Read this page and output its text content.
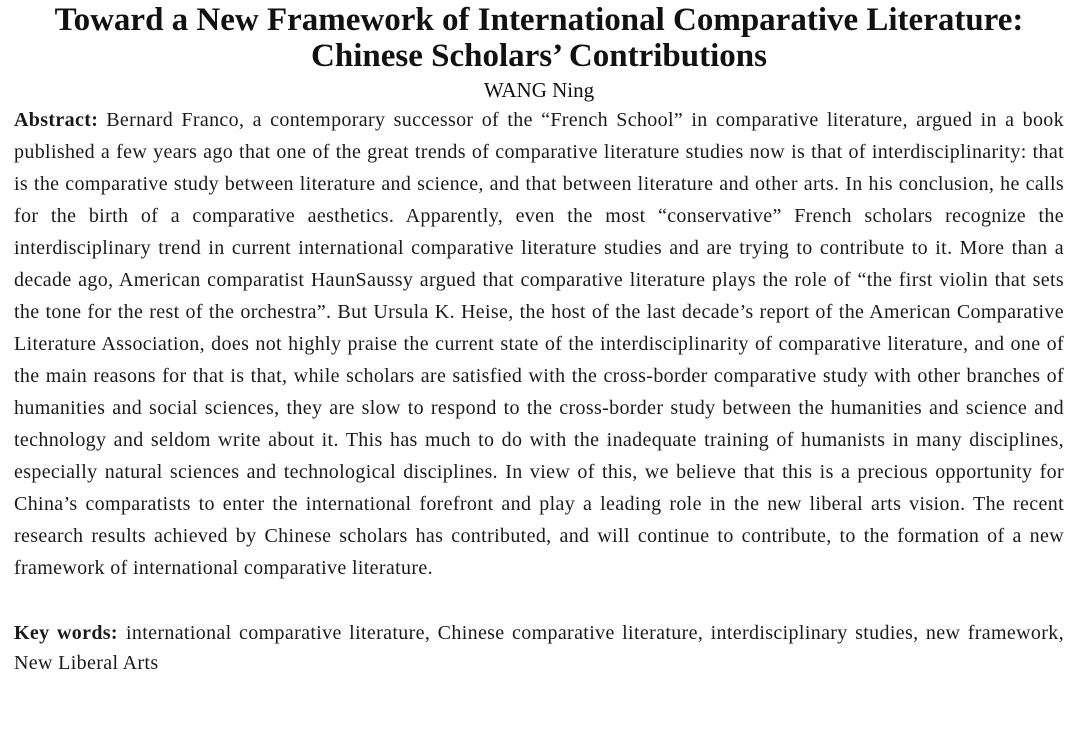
Toward a New Framework of International Comparative Literature:
Chinese Scholars’ Contributions
WANG Ning

Abstract: Bernard Franco, a contemporary successor of the “French School” in comparative literature, argued in a book published a few years ago that one of the great trends of comparative literature studies now is that of interdisciplinarity: that is the comparative study between literature and science, and that between literature and other arts. In his conclusion, he calls for the birth of a comparative aesthetics. Apparently, even the most “conservative” French scholars recognize the interdisciplinary trend in current international comparative literature studies and are trying to contribute to it. More than a decade ago, American comparatist HaunSaussy argued that comparative literature plays the role of “the first violin that sets the tone for the rest of the orchestra”. But Ursula K. Heise, the host of the last decade’s report of the American Comparative Literature Association, does not highly praise the current state of the interdisciplinarity of comparative literature, and one of the main reasons for that is that, while scholars are satisfied with the cross-border comparative study with other branches of humanities and social sciences, they are slow to respond to the cross-border study between the humanities and science and technology and seldom write about it. This has much to do with the inadequate training of humanists in many disciplines, especially natural sciences and technological disciplines. In view of this, we believe that this is a precious opportunity for China’s comparatists to enter the international forefront and play a leading role in the new liberal arts vision. The recent research results achieved by Chinese scholars has contributed, and will continue to contribute, to the formation of a new framework of international comparative literature.

Key words: international comparative literature, Chinese comparative literature, interdisciplinary studies, new framework, New Liberal Arts
